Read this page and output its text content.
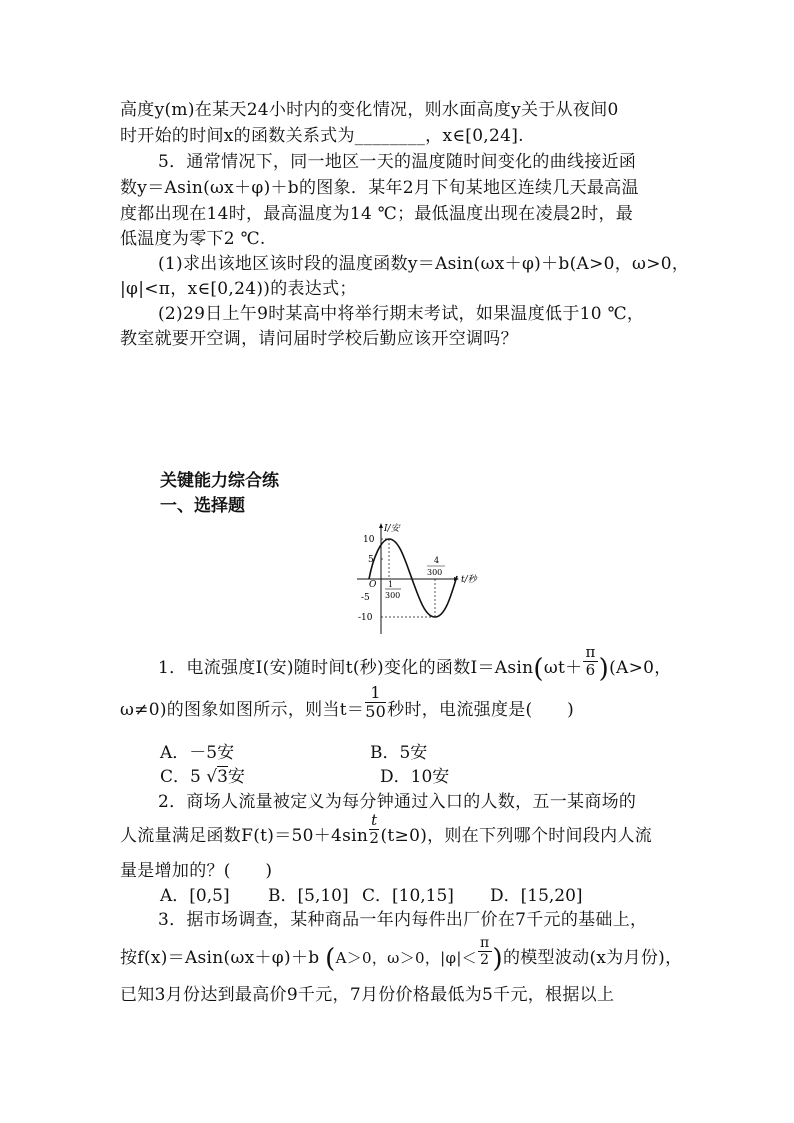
高度y(m)在某天24小时内的变化情况，则水面高度y关于从夜间0
时开始的时间x的函数关系式为________，x∈[0,24].
5．通常情况下，同一地区一天的温度随时间变化的曲线接近函
数y＝Asin(ωx＋φ)＋b的图象．某年2月下旬某地区连续几天最高温
度都出现在14时，最高温度为14 ℃；最低温度出现在凌晨2时，最
低温度为零下2 ℃.
(1)求出该地区该时段的温度函数y＝Asin(ωx＋φ)＋b(A>0，ω>0，
|φ|<π，x∈[0,24))的表达式；
(2)29日上午9时某高中将举行期末考试，如果温度低于10 ℃，
教室就要开空调，请问届时学校后勤应该开空调吗？
关键能力综合练
一、选择题
I/安
t/秒
O
10
5
-5
-10
1
300
4
300
1．电流强度I(安)随时间t(秒)变化的函数$I=Asin(\omega t+ \frac{\pi}{6} )(A>0$，
ω≠0)的图象如图所示，则当$t= \frac{1}{50}$ 秒时，电流强度是(　　)
A．－5安	B．5安
C．5 √3安	D．10安
2．商场人流量被定义为每分钟通过入口的人数，五一某商场的
人流量满足函数$F(t)=50+4\sin \frac{t}{2} (t\ge 0)$，则在下列哪个时间段内人流
量是增加的？(　　)
A．[0,5] B．[5,10] C．[10,15] D．[15,20]
3．据市场调查，某种商品一年内每件出厂价在7千元的基础上，
按f(x)＝Asin(ωx＋φ)＋b (A＞0，ω＞0，$|\varphi|< \frac{\pi}{2}$ )的模型波动(x为月份)，
已知3月份达到最高价9千元，7月份价格最低为5千元，根据以上
